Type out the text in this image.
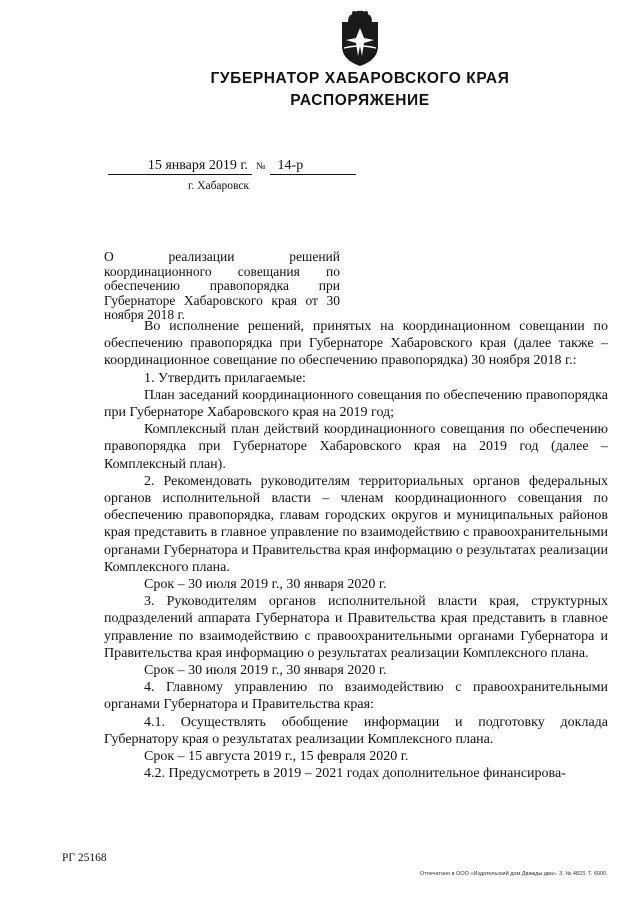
ГУБЕРНАТОР ХАБАРОВСКОГО КРАЯ
РАСПОРЯЖЕНИЕ
15 января 2019 г. № 14-р
г. Хабаровск
О реализации решений координационного совещания по обеспечению правопорядка при Губернаторе Хабаровского края от 30 ноября 2018 г.

Во исполнение решений, принятых на координационном совещании по обеспечению правопорядка при Губернаторе Хабаровского края (далее также – координационное совещание по обеспечению правопорядка) 30 ноября 2018 г.:

1. Утвердить прилагаемые:

План заседаний координационного совещания по обеспечению правопорядка при Губернаторе Хабаровского края на 2019 год;

Комплексный план действий координационного совещания по обеспечению правопорядка при Губернаторе Хабаровского края на 2019 год (далее – Комплексный план).

2. Рекомендовать руководителям территориальных органов федеральных органов исполнительной власти – членам координационного совещания по обеспечению правопорядка, главам городских округов и муниципальных районов края представить в главное управление по взаимодействию с правоохранительными органами Губернатора и Правительства края информацию о результатах реализации Комплексного плана.

Срок – 30 июля 2019 г., 30 января 2020 г.

3. Руководителям органов исполнительной власти края, структурных подразделений аппарата Губернатора и Правительства края представить в главное управление по взаимодействию с правоохранительными органами Губернатора и Правительства края информацию о результатах реализации Комплексного плана.

Срок – 30 июля 2019 г., 30 января 2020 г.

4. Главному управлению по взаимодействию с правоохранительными органами Губернатора и Правительства края:

4.1. Осуществлять обобщение информации и подготовку доклада Губернатору края о результатах реализации Комплексного плана.

Срок – 15 августа 2019 г., 15 февраля 2020 г.

4.2. Предусмотреть в 2019 – 2021 годах дополнительное финансирова-

РГ 25168
Отпечатано в ООО «Издательский дом Дважды два». З. № 4823. Т. 6000.
